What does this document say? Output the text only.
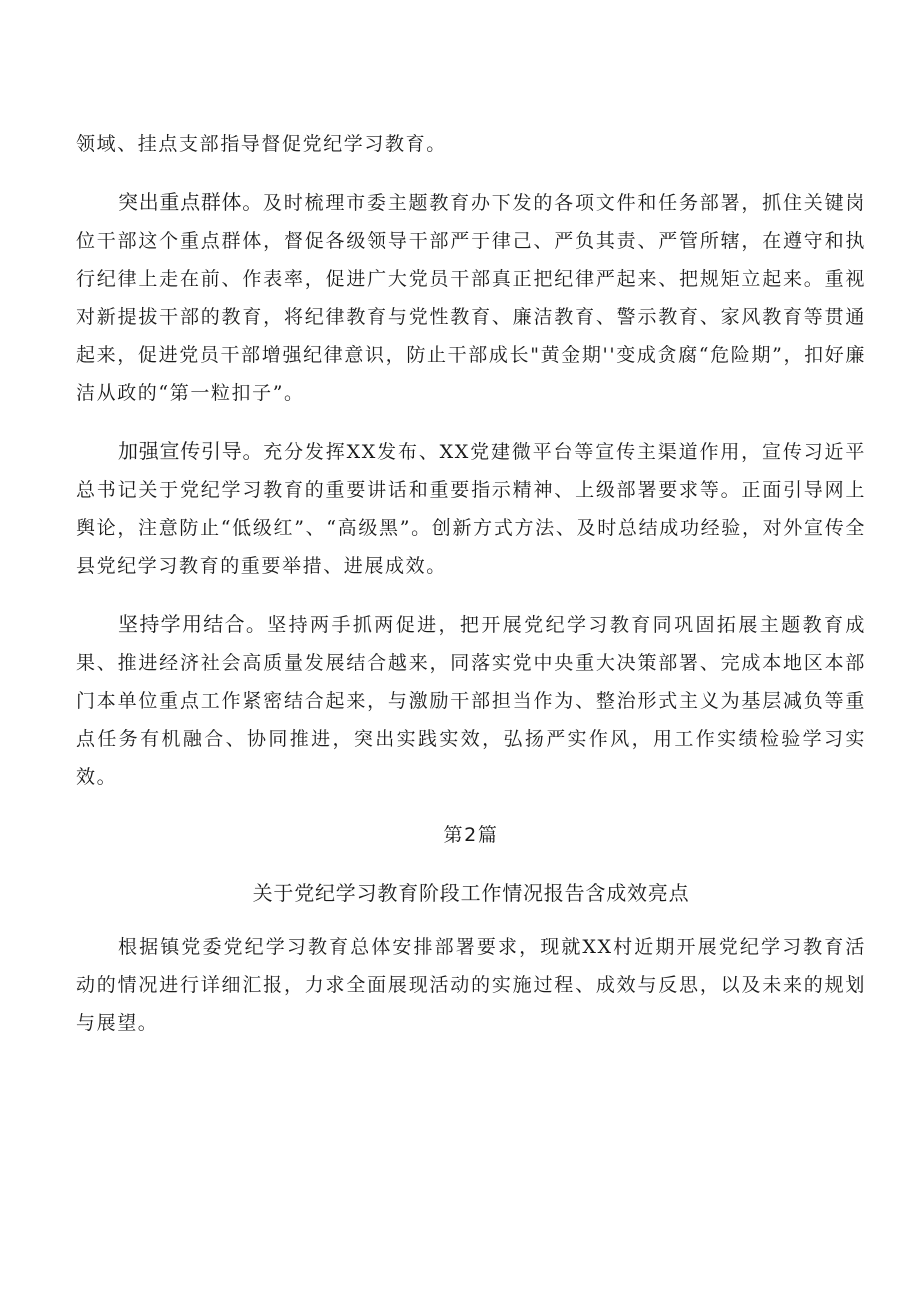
领域、挂点支部指导督促党纪学习教育。

突出重点群体。及时梳理市委主题教育办下发的各项文件和任务部署，抓住关键岗位干部这个重点群体，督促各级领导干部严于律己、严负其责、严管所辖，在遵守和执行纪律上走在前、作表率，促进广大党员干部真正把纪律严起来、把规矩立起来。重视对新提拔干部的教育，将纪律教育与党性教育、廉洁教育、警示教育、家风教育等贯通起来，促进党员干部增强纪律意识，防止干部成长"黄金期''变成贪腐“危险期”，扣好廉洁从政的“第一粒扣子”。

加强宣传引导。充分发挥XX发布、XX党建微平台等宣传主渠道作用，宣传习近平总书记关于党纪学习教育的重要讲话和重要指示精神、上级部署要求等。正面引导网上舆论，注意防止“低级红”、“高级黑”。创新方式方法、及时总结成功经验，对外宣传全县党纪学习教育的重要举措、进展成效。

坚持学用结合。坚持两手抓两促进，把开展党纪学习教育同巩固拓展主题教育成果、推进经济社会高质量发展结合越来，同落实党中央重大决策部署、完成本地区本部门本单位重点工作紧密结合起来，与激励干部担当作为、整治形式主义为基层减负等重点任务有机融合、协同推进，突出实践实效，弘扬严实作风，用工作实绩检验学习实效。

第2篇

关于党纪学习教育阶段工作情况报告含成效亮点

根据镇党委党纪学习教育总体安排部署要求，现就XX村近期开展党纪学习教育活动的情况进行详细汇报，力求全面展现活动的实施过程、成效与反思，以及未来的规划与展望。
